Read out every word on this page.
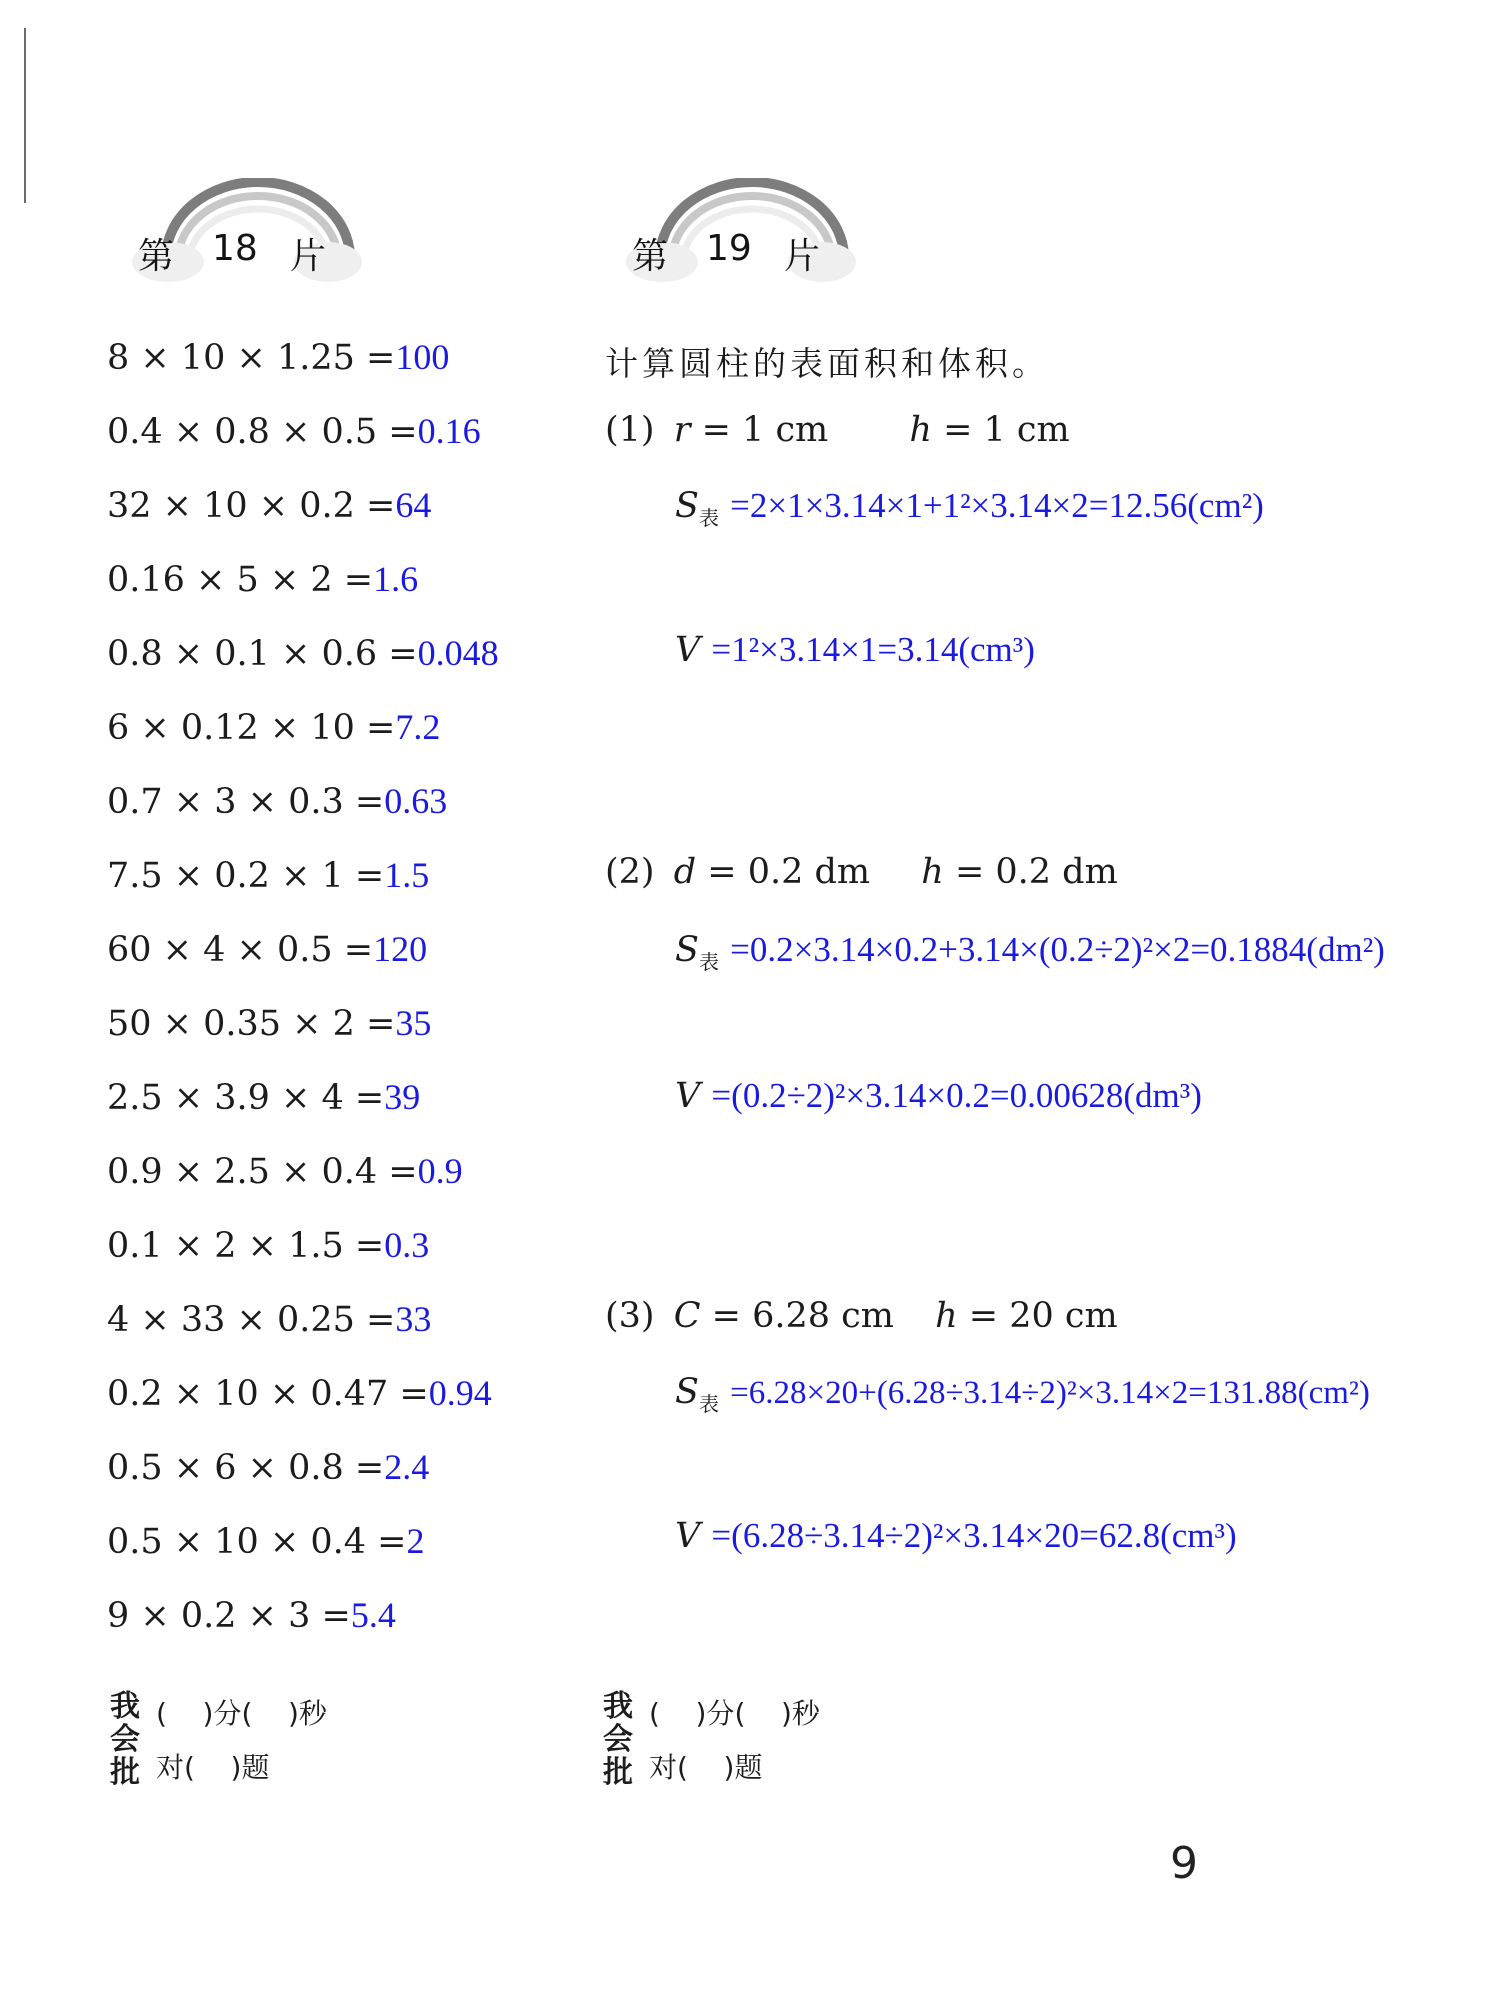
第 18 片	第 19 片
8 × 10 × 1.25 =100
0.4 × 0.8 × 0.5 =0.16
32 × 10 × 0.2 =64
0.16 × 5 × 2 =1.6
0.8 × 0.1 × 0.6 =0.048
6 × 0.12 × 10 =7.2
0.7 × 3 × 0.3 =0.63
7.5 × 0.2 × 1 =1.5
60 × 4 × 0.5 =120
50 × 0.35 × 2 =35
2.5 × 3.9 × 4 =39
0.9 × 2.5 × 0.4 =0.9
0.1 × 2 × 1.5 =0.3
4 × 33 × 0.25 =33
0.2 × 10 × 0.47 =0.94
0.5 × 6 × 0.8 =2.4
0.5 × 10 × 0.4 =2
9 × 0.2 × 3 =5.4
计算圆柱的表面积和体积。
(1) r = 1 cm h = 1 cm
$S_表 =2\times 1\times 3.14\times 1+1^2\times 3.14\times 2=12.56(cm^2)$
V =1²×3.14×1=3.14(cm³)
(2) d = 0.2 dm h = 0.2 dm
$S_表 =0.2\times 3.14\times 0.2+3.14\times(0.2\div 2)^2\times 2=0.1884(dm^2)$
V =(0.2÷2)²×3.14×0.2=0.00628(dm³)
(3) C = 6.28 cm h = 20 cm
$S_表 =6.28\times 20+(6.28\div 3.14\div 2)^2\times 3.14\times 2=131.88(cm^2)$
V =(6.28÷3.14÷2)²×3.14×20=62.8(cm³)
我
会
批
(    )分(    )秒
对(    )题
我
会
批
(    )分(    )秒
对(    )题
9
